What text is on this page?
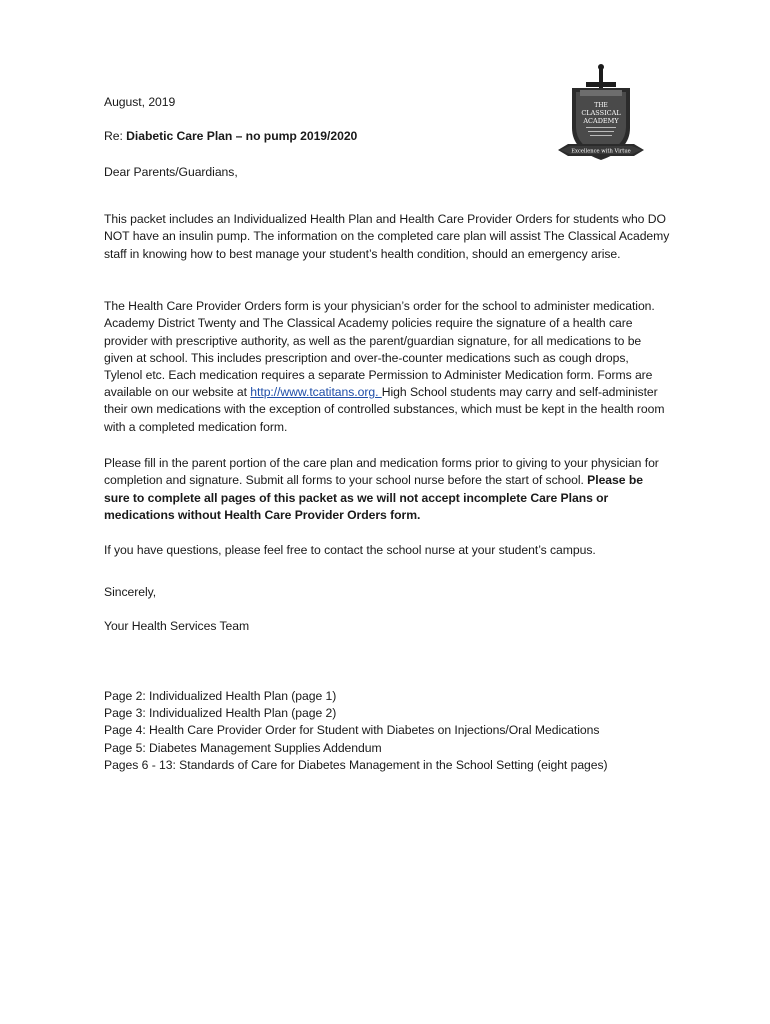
THE
CLASSICAL
ACADEMY
Excellence with Virtue
August, 2019
Re: Diabetic Care Plan – no pump 2019/2020
Dear Parents/Guardians,

This packet includes an Individualized Health Plan and Health Care Provider Orders for students who DO NOT have an insulin pump. The information on the completed care plan will assist The Classical Academy staff in knowing how to best manage your student’s health condition, should an emergency arise.

The Health Care Provider Orders form is your physician’s order for the school to administer medication. Academy District Twenty and The Classical Academy policies require the signature of a health care provider with prescriptive authority, as well as the parent/guardian signature, for all medications to be given at school. This includes prescription and over-the-counter medications such as cough drops, Tylenol etc. Each medication requires a separate Permission to Administer Medication form. Forms are available on our website at http://www.tcatitans.org. High School students may carry and self-administer their own medications with the exception of controlled substances, which must be kept in the health room with a completed medication form.

Please fill in the parent portion of the care plan and medication forms prior to giving to your physician for completion and signature. Submit all forms to your school nurse before the start of school. Please be sure to complete all pages of this packet as we will not accept incomplete Care Plans or medications without Health Care Provider Orders form.

If you have questions, please feel free to contact the school nurse at your student’s campus.

Sincerely,
Your Health Services Team
Page 2: Individualized Health Plan (page 1)
Page 3: Individualized Health Plan (page 2)
Page 4: Health Care Provider Order for Student with Diabetes on Injections/Oral Medications
Page 5: Diabetes Management Supplies Addendum
Pages 6 - 13: Standards of Care for Diabetes Management in the School Setting (eight pages)
